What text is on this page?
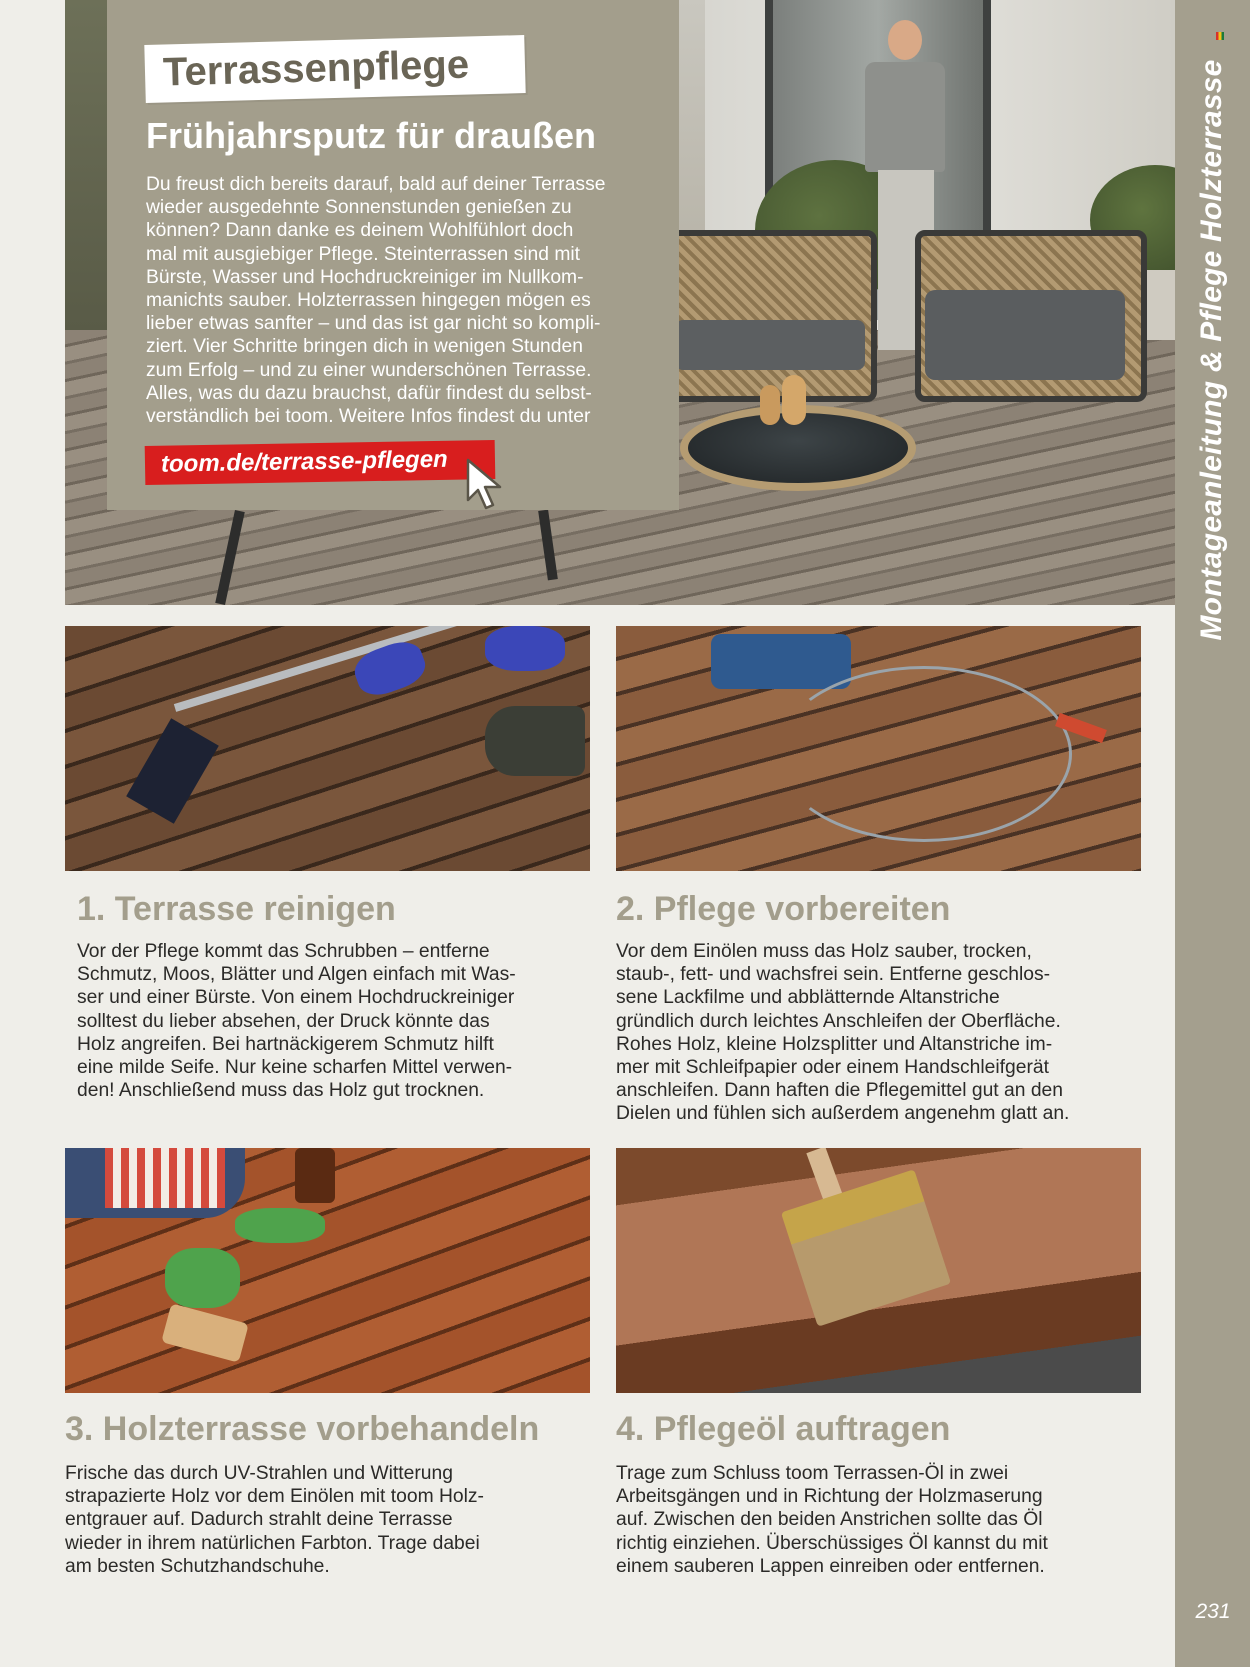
Terrassenpflege
Frühjahrsputz für draußen
Du freust dich bereits darauf, bald auf deiner Terrasse
wieder ausgedehnte Sonnenstunden genießen zu
können? Dann danke es deinem Wohlfühlort doch
mal mit ausgiebiger Pflege. Steinterrassen sind mit
Bürste, Wasser und Hochdruckreiniger im Nullkom-
manichts sauber. Holzterrassen hingegen mögen es
lieber etwas sanfter – und das ist gar nicht so kompli-
ziert. Vier Schritte bringen dich in wenigen Stunden
zum Erfolg – und zu einer wunderschönen Terrasse.
Alles, was du dazu brauchst, dafür findest du selbst-
verständlich bei toom. Weitere Infos findest du unter
toom.de/terrasse-pflegen
1. Terrasse reinigen
Vor der Pflege kommt das Schrubben – entferne
Schmutz, Moos, Blätter und Algen einfach mit Was-
ser und einer Bürste. Von einem Hochdruckreiniger
solltest du lieber absehen, der Druck könnte das
Holz angreifen. Bei hartnäckigerem Schmutz hilft
eine milde Seife. Nur keine scharfen Mittel verwen-
den! Anschließend muss das Holz gut trocknen.
2. Pflege vorbereiten
Vor dem Einölen muss das Holz sauber, trocken,
staub-, fett- und wachsfrei sein. Entferne geschlos-
sene Lackfilme und abblätternde Altanstriche
gründlich durch leichtes Anschleifen der Oberfläche.
Rohes Holz, kleine Holzsplitter und Altanstriche im-
mer mit Schleifpapier oder einem Handschleifgerät
anschleifen. Dann haften die Pflegemittel gut an den
Dielen und fühlen sich außerdem angenehm glatt an.
3. Holzterrasse vorbehandeln
Frische das durch UV-Strahlen und Witterung
strapazierte Holz vor dem Einölen mit toom Holz-
entgrauer auf. Dadurch strahlt deine Terrasse
wieder in ihrem natürlichen Farbton. Trage dabei
am besten Schutzhandschuhe.
4. Pflegeöl auftragen
Trage zum Schluss toom Terrassen-Öl in zwei
Arbeitsgängen und in Richtung der Holzmaserung
auf. Zwischen den beiden Anstrichen sollte das Öl
richtig einziehen. Überschüssiges Öl kannst du mit
einem sauberen Lappen einreiben oder entfernen.
Montageanleitung & Pflege Holzterrasse
231
